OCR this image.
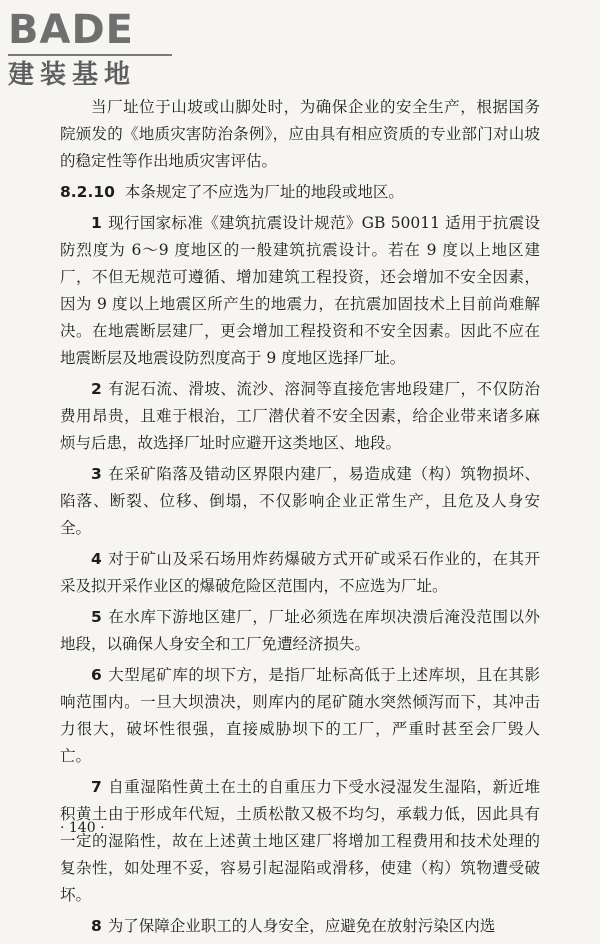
BADE
建装基地

当厂址位于山坡或山脚处时，为确保企业的安全生产，根据国务院颁发的《地质灾害防治条例》，应由具有相应资质的专业部门对山坡的稳定性等作出地质灾害评估。

8.2.10 本条规定了不应选为厂址的地段或地区。

1 现行国家标准《建筑抗震设计规范》GB 50011 适用于抗震设防烈度为 6～9 度地区的一般建筑抗震设计。若在 9 度以上地区建厂，不但无规范可遵循、增加建筑工程投资，还会增加不安全因素，因为 9 度以上地震区所产生的地震力，在抗震加固技术上目前尚难解决。在地震断层建厂，更会增加工程投资和不安全因素。因此不应在地震断层及地震设防烈度高于 9 度地区选择厂址。

2 有泥石流、滑坡、流沙、溶洞等直接危害地段建厂，不仅防治费用昂贵，且难于根治，工厂潜伏着不安全因素，给企业带来诸多麻烦与后患，故选择厂址时应避开这类地区、地段。

3 在采矿陷落及错动区界限内建厂，易造成建（构）筑物损坏、陷落、断裂、位移、倒塌，不仅影响企业正常生产，且危及人身安全。

4 对于矿山及采石场用炸药爆破方式开矿或采石作业的，在其开采及拟开采作业区的爆破危险区范围内，不应选为厂址。

5 在水库下游地区建厂，厂址必须选在库坝决溃后淹没范围以外地段，以确保人身安全和工厂免遭经济损失。

6 大型尾矿库的坝下方，是指厂址标高低于上述库坝，且在其影响范围内。一旦大坝溃决，则库内的尾矿随水突然倾泻而下，其冲击力很大，破坏性很强，直接威胁坝下的工厂，严重时甚至会厂毁人亡。

7 自重湿陷性黄土在土的自重压力下受水浸湿发生湿陷，新近堆积黄土由于形成年代短，土质松散又极不均匀，承载力低，因此具有一定的湿陷性，故在上述黄土地区建厂将增加工程费用和技术处理的复杂性，如处理不妥，容易引起湿陷或滑移，使建（构）筑物遭受破坏。

8 为了保障企业职工的人身安全，应避免在放射污染区内选

· 140 ·
